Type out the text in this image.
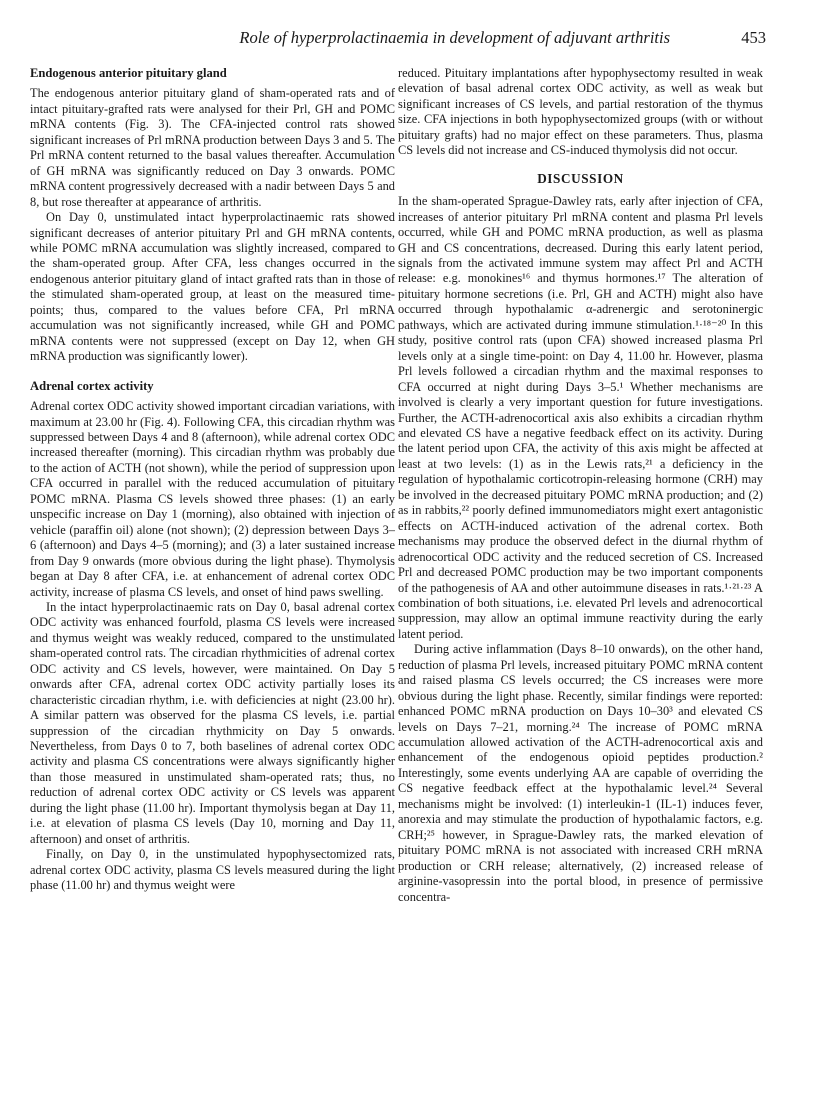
Role of hyperprolactinaemia in development of adjuvant arthritis	453
Endogenous anterior pituitary gland

The endogenous anterior pituitary gland of sham-operated rats and of intact pituitary-grafted rats were analysed for their Prl, GH and POMC mRNA contents (Fig. 3). The CFA-injected control rats showed significant increases of Prl mRNA production between Days 3 and 5. The Prl mRNA content returned to the basal values thereafter. Accumulation of GH mRNA was significantly reduced on Day 3 onwards. POMC mRNA content progressively decreased with a nadir between Days 5 and 8, but rose thereafter at appearance of arthritis.

On Day 0, unstimulated intact hyperprolactinaemic rats showed significant decreases of anterior pituitary Prl and GH mRNA contents, while POMC mRNA accumulation was slightly increased, compared to the sham-operated group. After CFA, less changes occurred in the endogenous anterior pituitary gland of intact grafted rats than in those of the stimulated sham-operated group, at least on the measured time-points; thus, compared to the values before CFA, Prl mRNA accumulation was not significantly increased, while GH and POMC mRNA contents were not suppressed (except on Day 12, when GH mRNA production was significantly lower).

Adrenal cortex activity

Adrenal cortex ODC activity showed important circadian variations, with maximum at 23.00 hr (Fig. 4). Following CFA, this circadian rhythm was suppressed between Days 4 and 8 (afternoon), while adrenal cortex ODC increased thereafter (morning). This circadian rhythm was probably due to the action of ACTH (not shown), while the period of suppression upon CFA occurred in parallel with the reduced accumulation of pituitary POMC mRNA. Plasma CS levels showed three phases: (1) an early unspecific increase on Day 1 (morning), also obtained with injection of vehicle (paraffin oil) alone (not shown); (2) depression between Days 3–6 (afternoon) and Days 4–5 (morning); and (3) a later sustained increase from Day 9 onwards (more obvious during the light phase). Thymolysis began at Day 8 after CFA, i.e. at enhancement of adrenal cortex ODC activity, increase of plasma CS levels, and onset of hind paws swelling.

In the intact hyperprolactinaemic rats on Day 0, basal adrenal cortex ODC activity was enhanced fourfold, plasma CS levels were increased and thymus weight was weakly reduced, compared to the unstimulated sham-operated control rats. The circadian rhythmicities of adrenal cortex ODC activity and CS levels, however, were maintained. On Day 5 onwards after CFA, adrenal cortex ODC activity partially loses its characteristic circadian rhythm, i.e. with deficiencies at night (23.00 hr). A similar pattern was observed for the plasma CS levels, i.e. partial suppression of the circadian rhythmicity on Day 5 onwards. Nevertheless, from Days 0 to 7, both baselines of adrenal cortex ODC activity and plasma CS concentrations were always significantly higher than those measured in unstimulated sham-operated rats; thus, no reduction of adrenal cortex ODC activity or CS levels was apparent during the light phase (11.00 hr). Important thymolysis began at Day 11, i.e. at elevation of plasma CS levels (Day 10, morning and Day 11, afternoon) and onset of arthritis.

Finally, on Day 0, in the unstimulated hypophysectomized rats, adrenal cortex ODC activity, plasma CS levels measured during the light phase (11.00 hr) and thymus weight were

reduced. Pituitary implantations after hypophysectomy resulted in weak elevation of basal adrenal cortex ODC activity, as well as weak but significant increases of CS levels, and partial restoration of the thymus size. CFA injections in both hypophysectomized groups (with or without pituitary grafts) had no major effect on these parameters. Thus, plasma CS levels did not increase and CS-induced thymolysis did not occur.

DISCUSSION

In the sham-operated Sprague-Dawley rats, early after injection of CFA, increases of anterior pituitary Prl mRNA content and plasma Prl levels occurred, while GH and POMC mRNA production, as well as plasma GH and CS concentrations, decreased. During this early latent period, signals from the activated immune system may affect Prl and ACTH release: e.g. monokines¹⁶ and thymus hormones.¹⁷ The alteration of pituitary hormone secretions (i.e. Prl, GH and ACTH) might also have occurred through hypothalamic α-adrenergic and serotoninergic pathways, which are activated during immune stimulation.¹·¹⁸⁻²⁰ In this study, positive control rats (upon CFA) showed increased plasma Prl levels only at a single time-point: on Day 4, 11.00 hr. However, plasma Prl levels followed a circadian rhythm and the maximal responses to CFA occurred at night during Days 3–5.¹ Whether mechanisms are involved is clearly a very important question for future investigations. Further, the ACTH-adrenocortical axis also exhibits a circadian rhythm and elevated CS have a negative feedback effect on its activity. During the latent period upon CFA, the activity of this axis might be affected at least at two levels: (1) as in the Lewis rats,²¹ a deficiency in the regulation of hypothalamic corticotropin-releasing hormone (CRH) may be involved in the decreased pituitary POMC mRNA production; and (2) as in rabbits,²² poorly defined immunomediators might exert antagonistic effects on ACTH-induced activation of the adrenal cortex. Both mechanisms may produce the observed defect in the diurnal rhythm of adrenocortical ODC activity and the reduced secretion of CS. Increased Prl and decreased POMC production may be two important components of the pathogenesis of AA and other autoimmune diseases in rats.¹·²¹·²³ A combination of both situations, i.e. elevated Prl levels and adrenocortical suppression, may allow an optimal immune reactivity during the early latent period.

During active inflammation (Days 8–10 onwards), on the other hand, reduction of plasma Prl levels, increased pituitary POMC mRNA content and raised plasma CS levels occurred; the CS increases were more obvious during the light phase. Recently, similar findings were reported: enhanced POMC mRNA production on Days 10–30³ and elevated CS levels on Days 7–21, morning.²⁴ The increase of POMC mRNA accumulation allowed activation of the ACTH-adrenocortical axis and enhancement of the endogenous opioid peptides production.² Interestingly, some events underlying AA are capable of overriding the CS negative feedback effect at the hypothalamic level.²⁴ Several mechanisms might be involved: (1) interleukin-1 (IL-1) induces fever, anorexia and may stimulate the production of hypothalamic factors, e.g. CRH;²⁵ however, in Sprague-Dawley rats, the marked elevation of pituitary POMC mRNA is not associated with increased CRH mRNA production or CRH release; alternatively, (2) increased release of arginine-vasopressin into the portal blood, in presence of permissive concentra-
